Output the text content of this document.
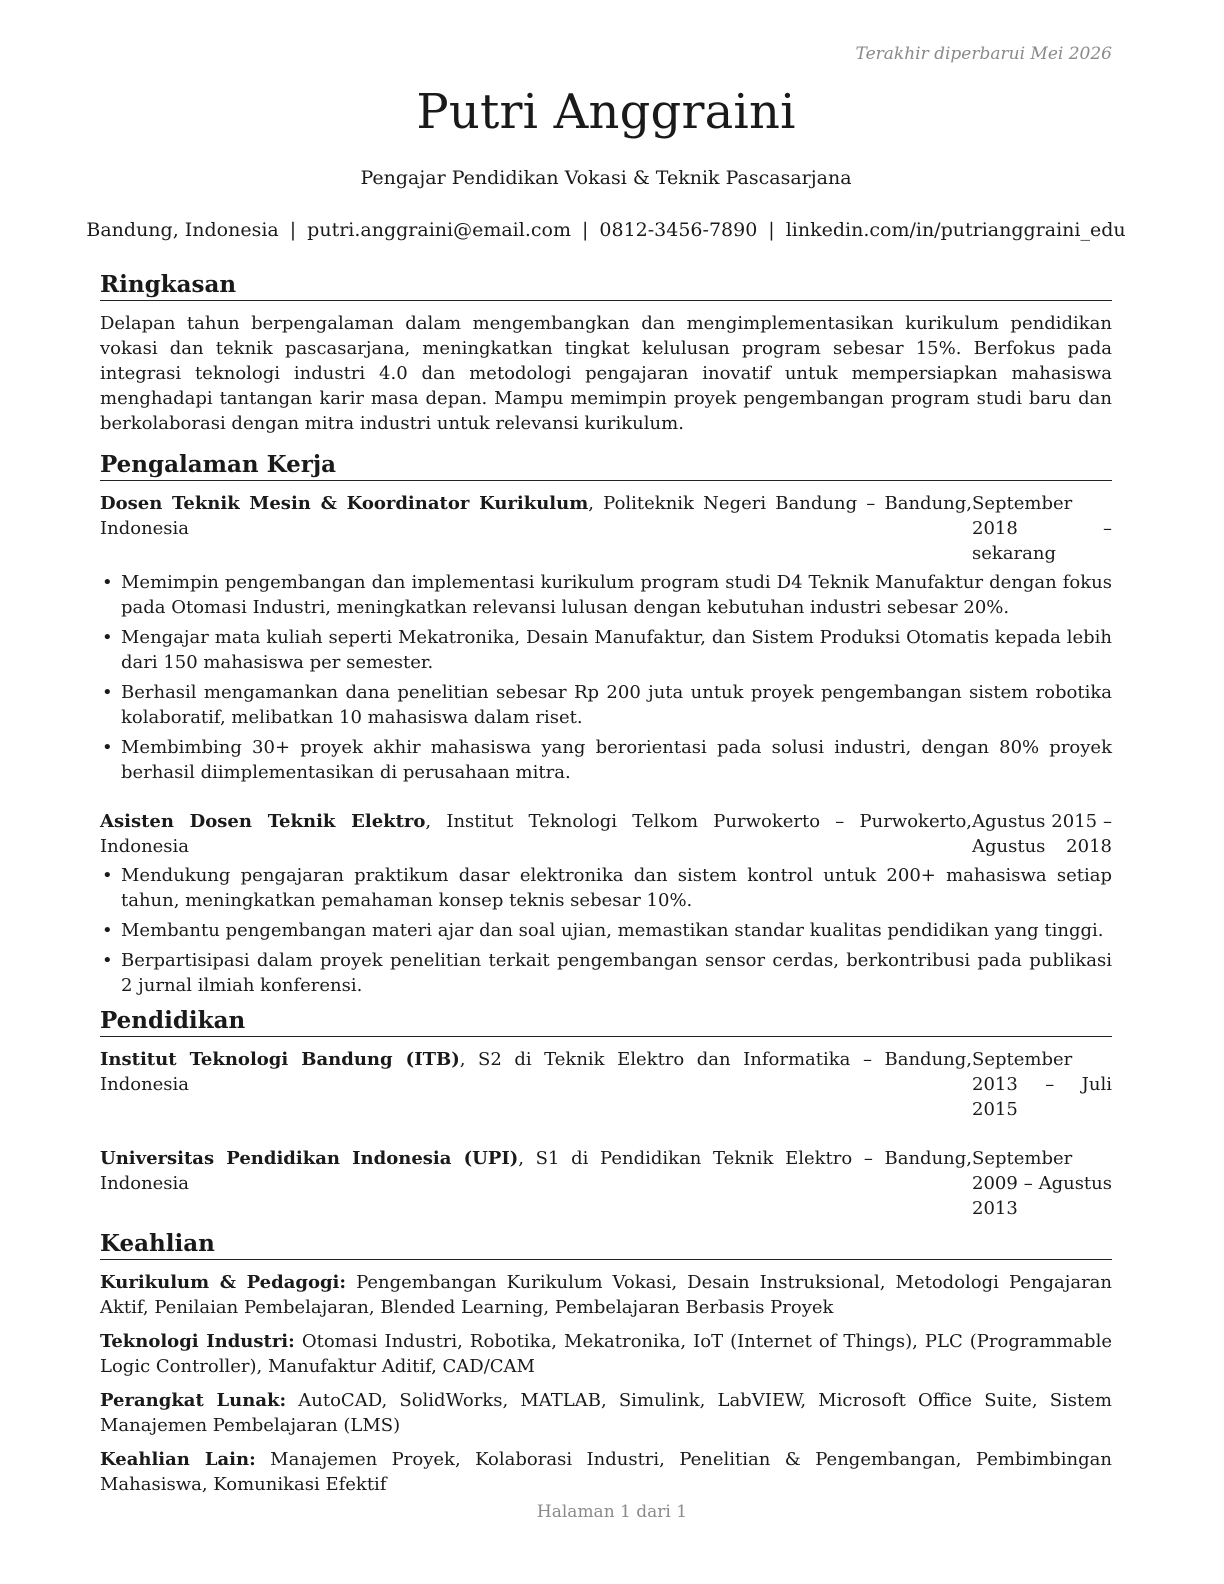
Terakhir diperbarui Mei 2026
Putri Anggraini
Pengajar Pendidikan Vokasi & Teknik Pascasarjana
Bandung, Indonesia | putri.anggraini@email.com | 0812-3456-7890 | linkedin.com/in/putrianggraini_edu
Ringkasan

Delapan tahun berpengalaman dalam mengembangkan dan mengimplementasikan kurikulum pendidikan vokasi dan teknik pascasarjana, meningkatkan tingkat kelulusan program sebesar 15%. Berfokus pada integrasi teknologi industri 4.0 dan metodologi pengajaran inovatif untuk mempersiapkan mahasiswa menghadapi tantangan karir masa depan. Mampu memimpin proyek pengembangan program studi baru dan berkolaborasi dengan mitra industri untuk relevansi kurikulum.

Pengalaman Kerja
Dosen Teknik Mesin & Koordinator Kurikulum, Politeknik Negeri Bandung – Bandung, Indonesia
September 2018 – sekarang
• Memimpin pengembangan dan implementasi kurikulum program studi D4 Teknik Manufaktur dengan fokus pada Otomasi Industri, meningkatkan relevansi lulusan dengan kebutuhan industri sebesar 20%.
• Mengajar mata kuliah seperti Mekatronika, Desain Manufaktur, dan Sistem Produksi Otomatis kepada lebih dari 150 mahasiswa per semester.
• Berhasil mengamankan dana penelitian sebesar Rp 200 juta untuk proyek pengembangan sistem robotika kolaboratif, melibatkan 10 mahasiswa dalam riset.
• Membimbing 30+ proyek akhir mahasiswa yang berorientasi pada solusi industri, dengan 80% proyek berhasil diimplementasikan di perusahaan mitra.
Asisten Dosen Teknik Elektro, Institut Teknologi Telkom Purwokerto – Purwokerto, Indonesia
Agustus 2015 – Agustus 2018
• Mendukung pengajaran praktikum dasar elektronika dan sistem kontrol untuk 200+ mahasiswa setiap tahun, meningkatkan pemahaman konsep teknis sebesar 10%.
• Membantu pengembangan materi ajar dan soal ujian, memastikan standar kualitas pendidikan yang tinggi.
• Berpartisipasi dalam proyek penelitian terkait pengembangan sensor cerdas, berkontribusi pada publikasi 2 jurnal ilmiah konferensi.
Pendidikan
Institut Teknologi Bandung (ITB), S2 di Teknik Elektro dan Informatika – Bandung, Indonesia
September 2013 – Juli 2015
Universitas Pendidikan Indonesia (UPI), S1 di Pendidikan Teknik Elektro – Bandung, Indonesia
September 2009 – Agustus 2013
Keahlian
Kurikulum & Pedagogi: Pengembangan Kurikulum Vokasi, Desain Instruksional, Metodologi Pengajaran Aktif, Penilaian Pembelajaran, Blended Learning, Pembelajaran Berbasis Proyek
Teknologi Industri: Otomasi Industri, Robotika, Mekatronika, IoT (Internet of Things), PLC (Programmable Logic Controller), Manufaktur Aditif, CAD/CAM
Perangkat Lunak: AutoCAD, SolidWorks, MATLAB, Simulink, LabVIEW, Microsoft Office Suite, Sistem Manajemen Pembelajaran (LMS)
Keahlian Lain: Manajemen Proyek, Kolaborasi Industri, Penelitian & Pengembangan, Pembimbingan Mahasiswa, Komunikasi Efektif
Halaman 1 dari 1
